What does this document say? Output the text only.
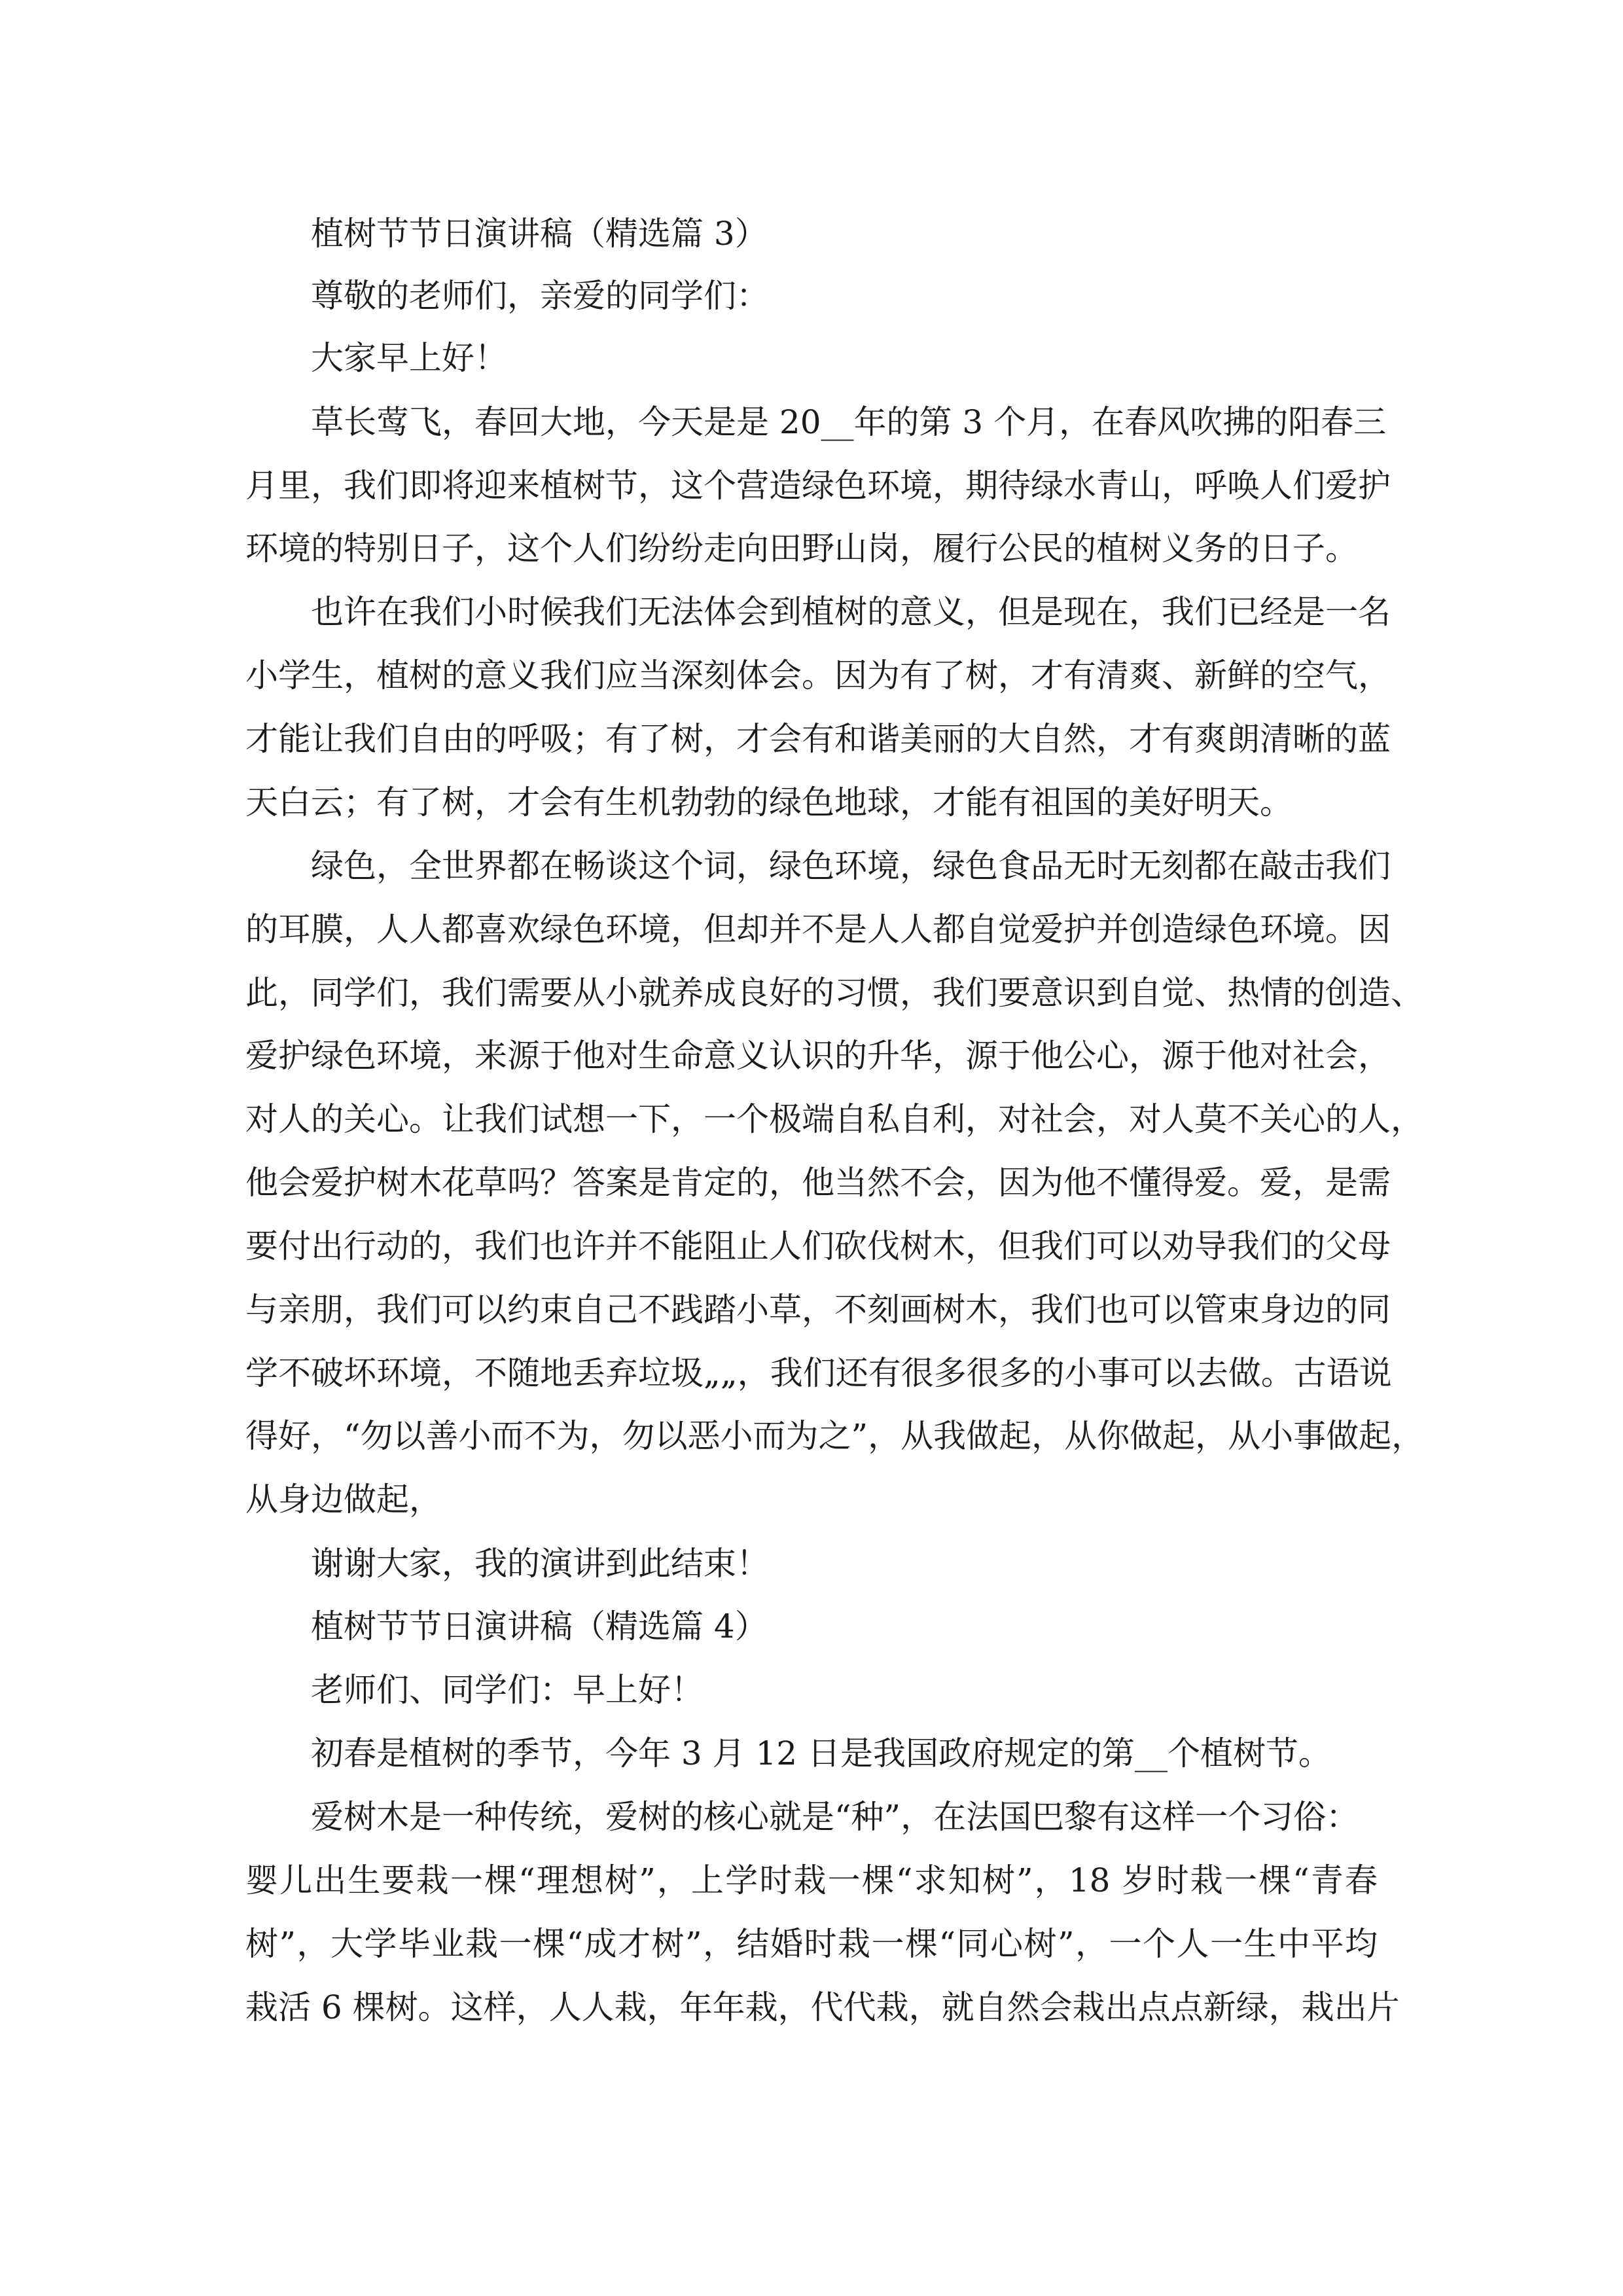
植树节节日演讲稿（精选篇 3）

尊敬的老师们，亲爱的同学们：

大家早上好！

草长莺飞，春回大地，今天是是 20__年的第 3 个月，在春风吹拂的阳春三

月里，我们即将迎来植树节，这个营造绿色环境，期待绿水青山，呼唤人们爱护

环境的特别日子，这个人们纷纷走向田野山岗，履行公民的植树义务的日子。

也许在我们小时候我们无法体会到植树的意义，但是现在，我们已经是一名

小学生，植树的意义我们应当深刻体会。因为有了树，才有清爽、新鲜的空气，

才能让我们自由的呼吸；有了树，才会有和谐美丽的大自然，才有爽朗清晰的蓝

天白云；有了树，才会有生机勃勃的绿色地球，才能有祖国的美好明天。

绿色，全世界都在畅谈这个词，绿色环境，绿色食品无时无刻都在敲击我们

的耳膜，人人都喜欢绿色环境，但却并不是人人都自觉爱护并创造绿色环境。因

此，同学们，我们需要从小就养成良好的习惯，我们要意识到自觉、热情的创造、

爱护绿色环境，来源于他对生命意义认识的升华，源于他公心，源于他对社会，

对人的关心。让我们试想一下，一个极端自私自利，对社会，对人莫不关心的人，

他会爱护树木花草吗？答案是肯定的，他当然不会，因为他不懂得爱。爱，是需

要付出行动的，我们也许并不能阻止人们砍伐树木，但我们可以劝导我们的父母

与亲朋，我们可以约束自己不践踏小草，不刻画树木，我们也可以管束身边的同

学不破坏环境，不随地丢弃垃圾„„，我们还有很多很多的小事可以去做。古语说

得好，“勿以善小而不为，勿以恶小而为之”，从我做起，从你做起，从小事做起，

从身边做起，

谢谢大家，我的演讲到此结束！

植树节节日演讲稿（精选篇 4）

老师们、同学们：早上好！

初春是植树的季节，今年 3 月 12 日是我国政府规定的第__个植树节。

爱树木是一种传统，爱树的核心就是“种”，在法国巴黎有这样一个习俗：

婴儿出生要栽一棵“理想树”，上学时栽一棵“求知树”，18 岁时栽一棵“青春

树”，大学毕业栽一棵“成才树”，结婚时栽一棵“同心树”，一个人一生中平均

栽活 6 棵树。这样，人人栽，年年栽，代代栽，就自然会栽出点点新绿，栽出片
